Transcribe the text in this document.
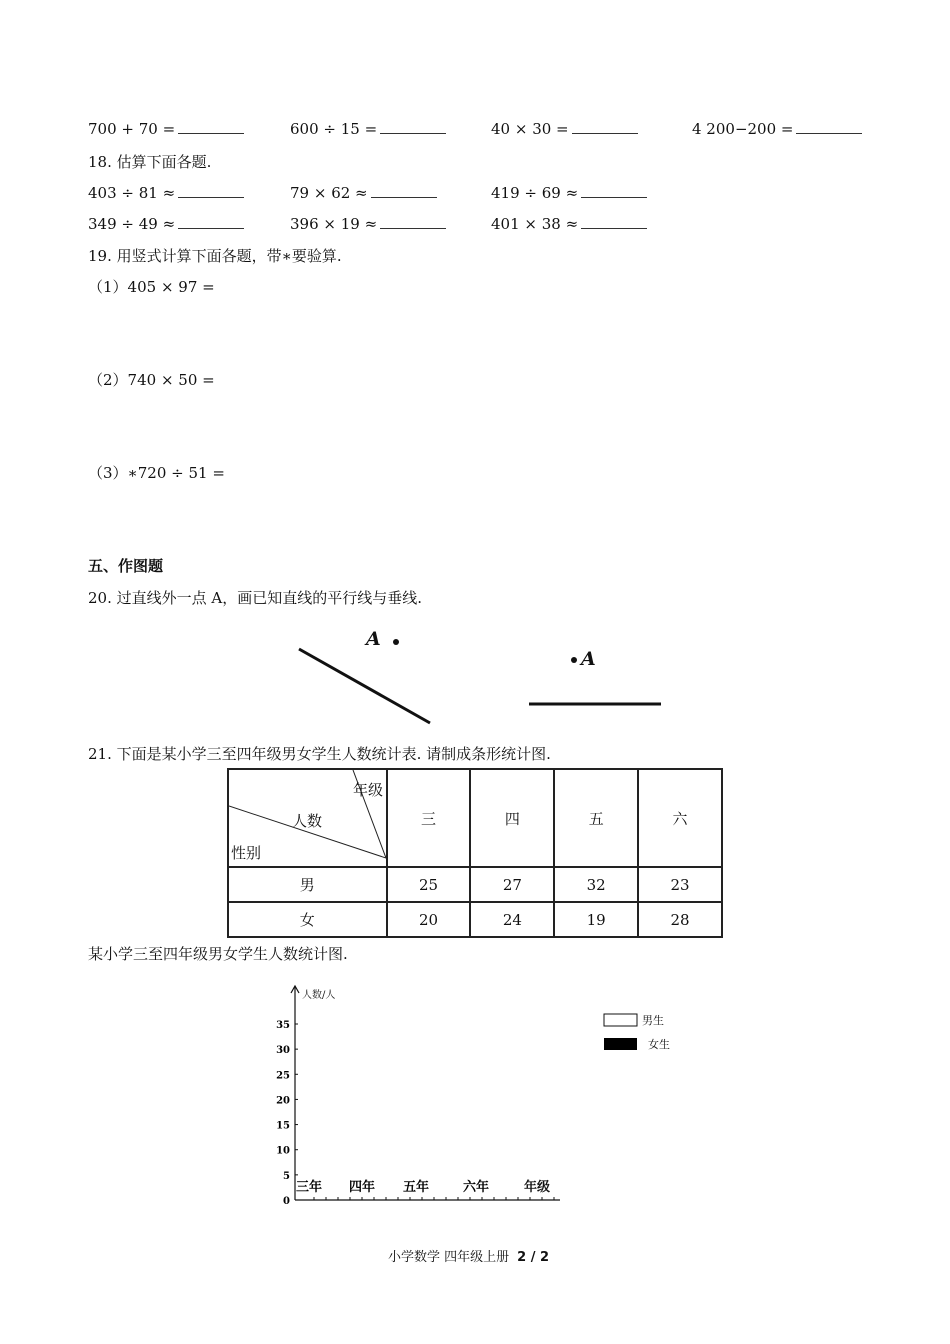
700 + 70 =	600 ÷ 15 =	40 × 30 =	4 200−200 =
18. 估算下面各题.
403 ÷ 81 ≈	79 × 62 ≈	419 ÷ 69 ≈
349 ÷ 49 ≈	396 × 19 ≈	401 × 38 ≈
19. 用竖式计算下面各题，带∗要验算.
（1）405 × 97 =
（2）740 × 50 =
（3）∗720 ÷ 51 =
五、作图题
20. 过直线外一点 A，画已知直线的平行线与垂线.
A
A
21. 下面是某小学三至四年级男女学生人数统计表. 请制成条形统计图.
年级
人数
性别	三	四	五	六
男	25	27	32	23
女	20	24	19	28
某小学三至四年级男女学生人数统计图.
人数/人
0
5
10
15
20
25
30
35
三年 四年 五年	六年	年级
男生
女生
小学数学 四年级上册 2 / 2
